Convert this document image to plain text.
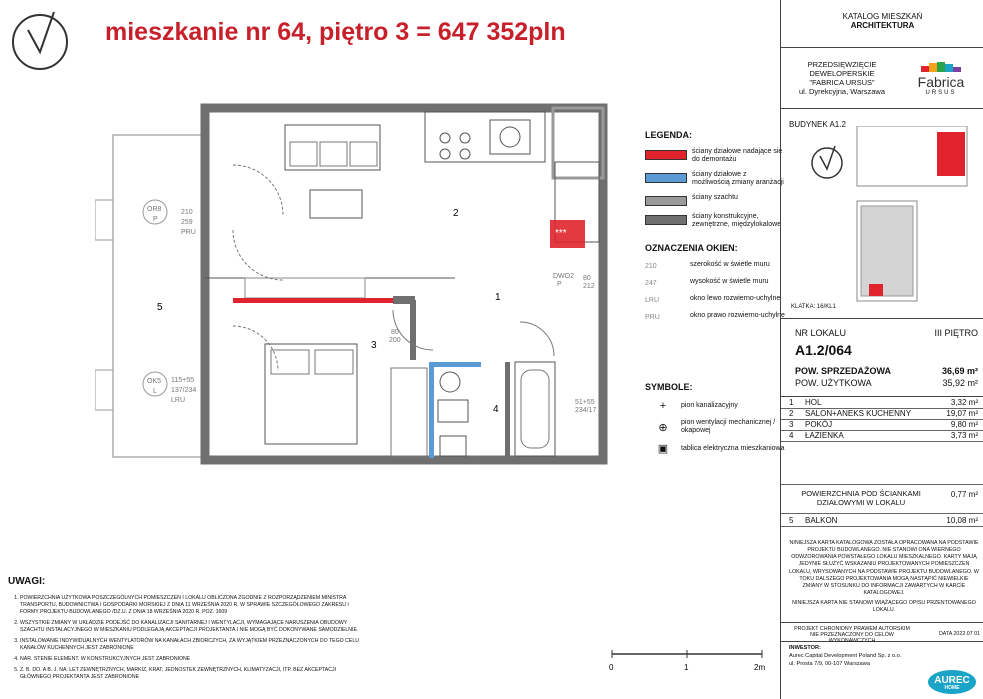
mieszkanie nr 64, piętro 3 = 647 352pln
***
2
1
3
4
5
OR8
P
210
259
PRU
OK5
L
115+55
137/234
LRU
80
200
DWO2
P
80
212
51+55
234/17
LEGENDA:
ściany działowe nadające się do demontażu
ściany działowe z możliwością zmiany aranżacji
ściany szachtu
ściany konstrukcyjne, zewnętrzne, międzylokalowe
OZNACZENIA OKIEN:
210	szerokość w świetle muru
247	wysokość w świetle muru
LRU	okno lewo rozwierno-uchylne
PRU	okno prawo rozwierno-uchylne
SYMBOLE:
+	pion kanalizacyjny
⊕	pion wentylacji mechanicznej / okapowej
▣	tablica elektryczna mieszkaniowa
KATALOG MIESZKAŃ
ARCHITEKTURA
PRZEDSIĘWZIĘCIE
DEWELOPERSKIE
"FABRICA URSUS"
ul. Dyrekcyjna, Warszawa
Fabrica
URSUS
BUDYNEK A1.2
KLATKA: 16/KL1
NR LOKALU	III PIĘTRO
A1.2/064
POW. SPRZEDAŻOWA	36,69 m²
POW. UŻYTKOWA	35,92 m²
1	HOL	3,32 m²
2	SALON+ANEKS KUCHENNY	19,07 m²
3	POKÓJ	9,80 m²
4	ŁAZIENKA	3,73 m²
POWIERZCHNIA POD ŚCIANKAMI
DZIAŁOWYMI W LOKALU
0,77 m²
5	BALKON	10,08 m²
NINIEJSZA KARTA KATALOGOWA ZOSTAŁA OPRACOWANA NA PODSTAWIE PROJEKTU BUDOWLANEGO. NIE STANOWI ONA WIERNEGO ODWZOROWANIA POWSTAŁEGO LOKALU MIESZKALNEGO. KARTY MAJĄ JEDYNIE SŁUŻYĆ WSKAZANIU PROJEKTOWANYCH POMIESZCZEŃ LOKALU, WRYSOWANYCH NA PODSTAWIE PROJEKTU BUDOWLANEGO. W TOKU DALSZEGO PROJEKTOWANIA MOGĄ NASTĄPIĆ NIEWIELKIE ZMIANY W STOSUNKU DO INFORMACJI ZAWARTYCH W KARCIE KATALOGOWEJ.
NINIEJSZA KARTA NIE STANOWI WIĄŻĄCEGO OPISU PRZENTOWANEGO LOKALU.
PROJEKT CHRONIONY PRAWEM AUTORSKIM
NIE PRZEZNACZONY DO CELÓW WYKONAWCZYCH
DATA 2022 07 01
INWESTOR:
Aurec Capital Development Poland Sp. z o.o.
ul. Prosta 7/9, 00-107 Warszawa
AUREC
HOME
UWAGI:
1. POWIERZCHNIA UŻYTKOWA POSZCZEGÓLNYCH POMIESZCZEŃ I LOKALU OBLICZONA ZGODNIE Z ROZPORZĄDZENIEM MINISTRA TRANSPORTU, BUDOWNICTWA I GOSPODARKI MORSKIEJ Z DNIA 11 WRZEŚNIA 2020 R. W SPRAWIE SZCZEGÓŁOWEGO ZAKRESU I FORMY PROJEKTU BUDOWLANEGO /DZ.U. Z DNIA 18 WRZEŚNIA 2020 R. POZ. 1609
2. WSZYSTKIE ZMIANY W UKŁADZIE PODEJŚĆ DO KANALIZACJI SANITARNEJ I WENTYLACJI, WYMAGAJĄCE NARUSZENIA OBUDOWY SZACHTU INSTALACYJNEGO W MIESZKANIU PODLEGAJĄ AKCEPTACJI PROJEKTANTA I NIE MOGĄ BYĆ DOKONYWANE SAMODZIELNIE.
3. INSTALOWANIE INDYWIDUALNYCH WENTYLATORÓW NA KANAŁACH ZBIORCZYCH, ZA WYJĄTKIEM PRZEZNACZONYCH DO TEGO CELU KANAŁÓW KUCHENNYCH JEST ZABRONIONE
4. NAR. STENIE ELEMENT. W KONSTRUKCYJNYCH JEST ZABRONIONE
5. Z. B. DO. A B. J. NA. LET ZEWNĘTRZNYCH, MARKIZ, KRAT, JEDNOSTEK ZEWNĘTRZNYCH, KLIMATYZACJI, ITP. BEZ AKCEPTACJI GŁÓWNEGO PROJEKTANTA JEST ZABRONIONE
0	1	2m
